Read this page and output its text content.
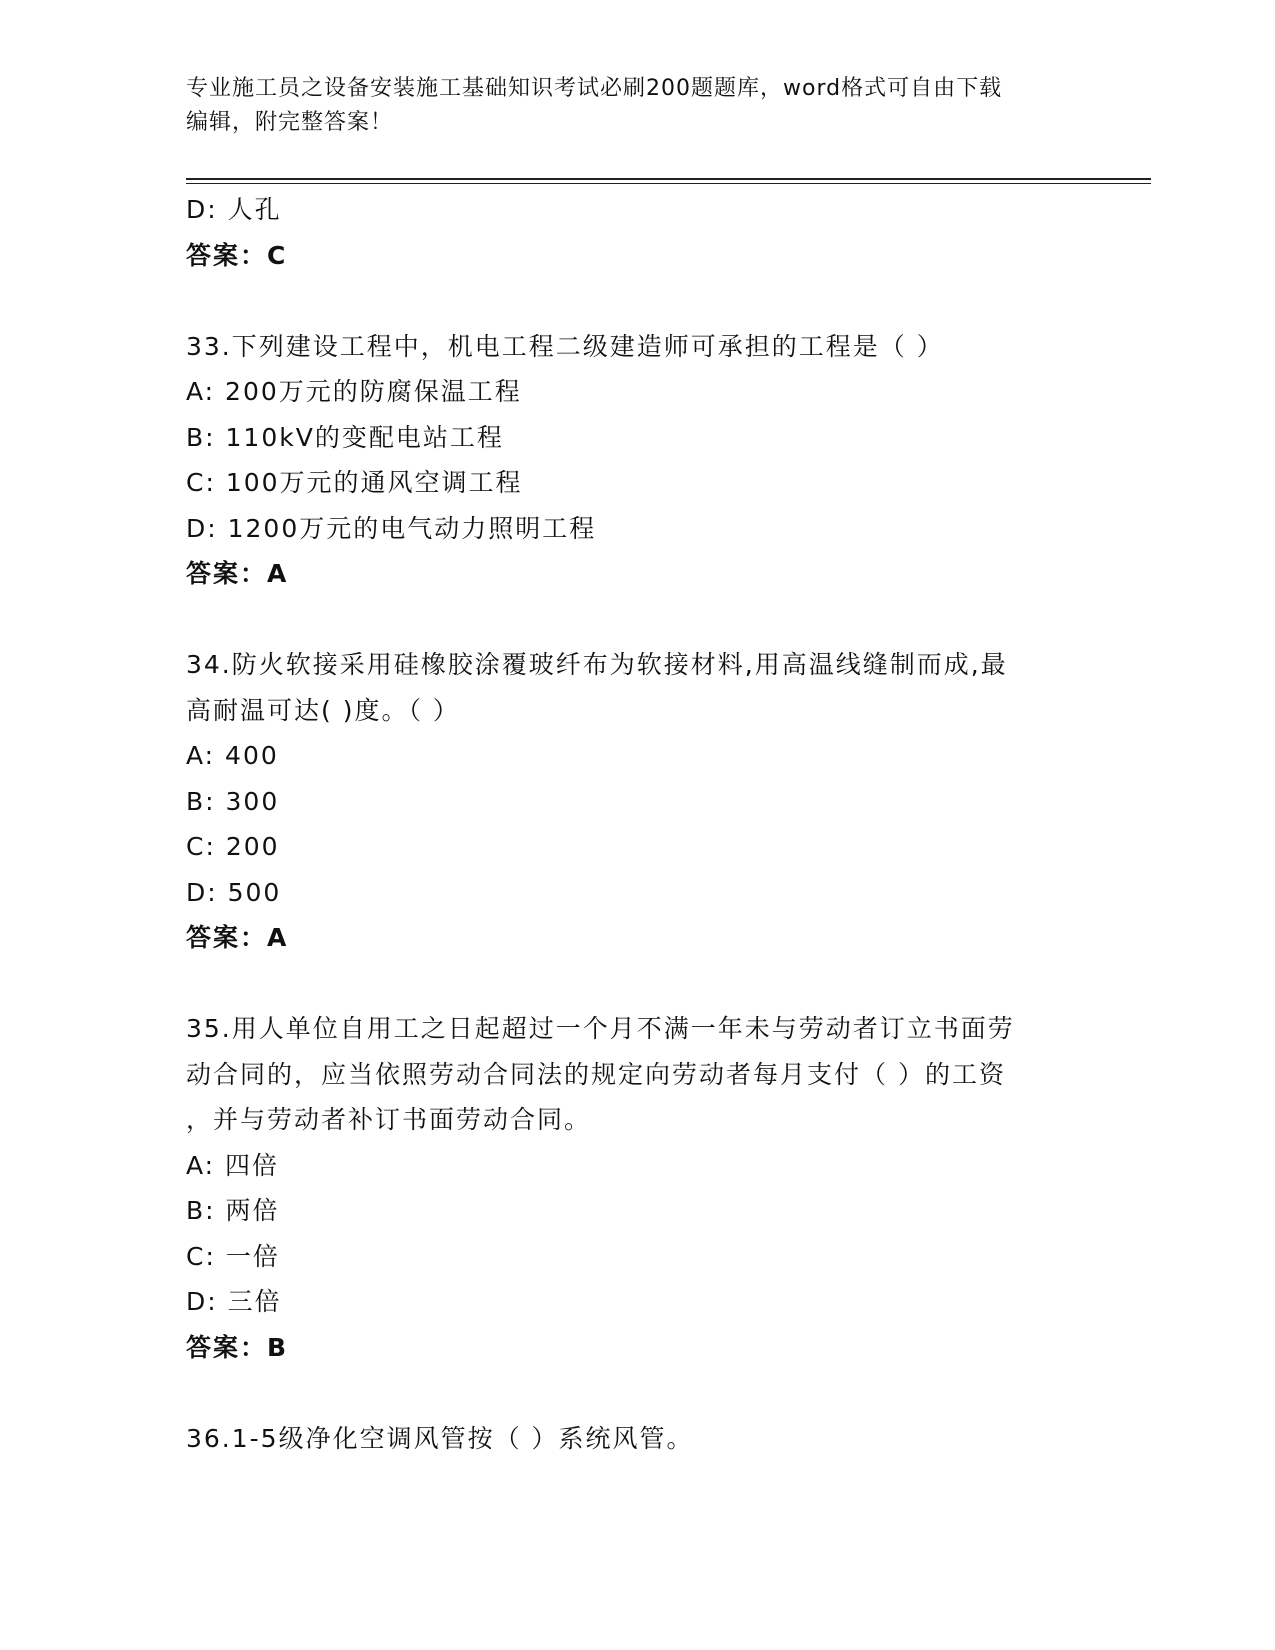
专业施工员之设备安装施工基础知识考试必刷200题题库，word格式可自由下载
编辑，附完整答案！
D: 人孔
答案：C
33.下列建设工程中，机电工程二级建造师可承担的工程是（ ）
A: 200万元的防腐保温工程
B: 110kV的变配电站工程
C: 100万元的通风空调工程
D: 1200万元的电气动力照明工程
答案：A
34.防火软接采用硅橡胶涂覆玻纤布为软接材料,用高温线缝制而成,最
高耐温可达( )度。（ ）
A: 400
B: 300
C: 200
D: 500
答案：A
35.用人单位自用工之日起超过一个月不满一年未与劳动者订立书面劳
动合同的，应当依照劳动合同法的规定向劳动者每月支付（ ）的工资
，并与劳动者补订书面劳动合同。
A: 四倍
B: 两倍
C: 一倍
D: 三倍
答案：B
36.1-5级净化空调风管按（ ）系统风管。
